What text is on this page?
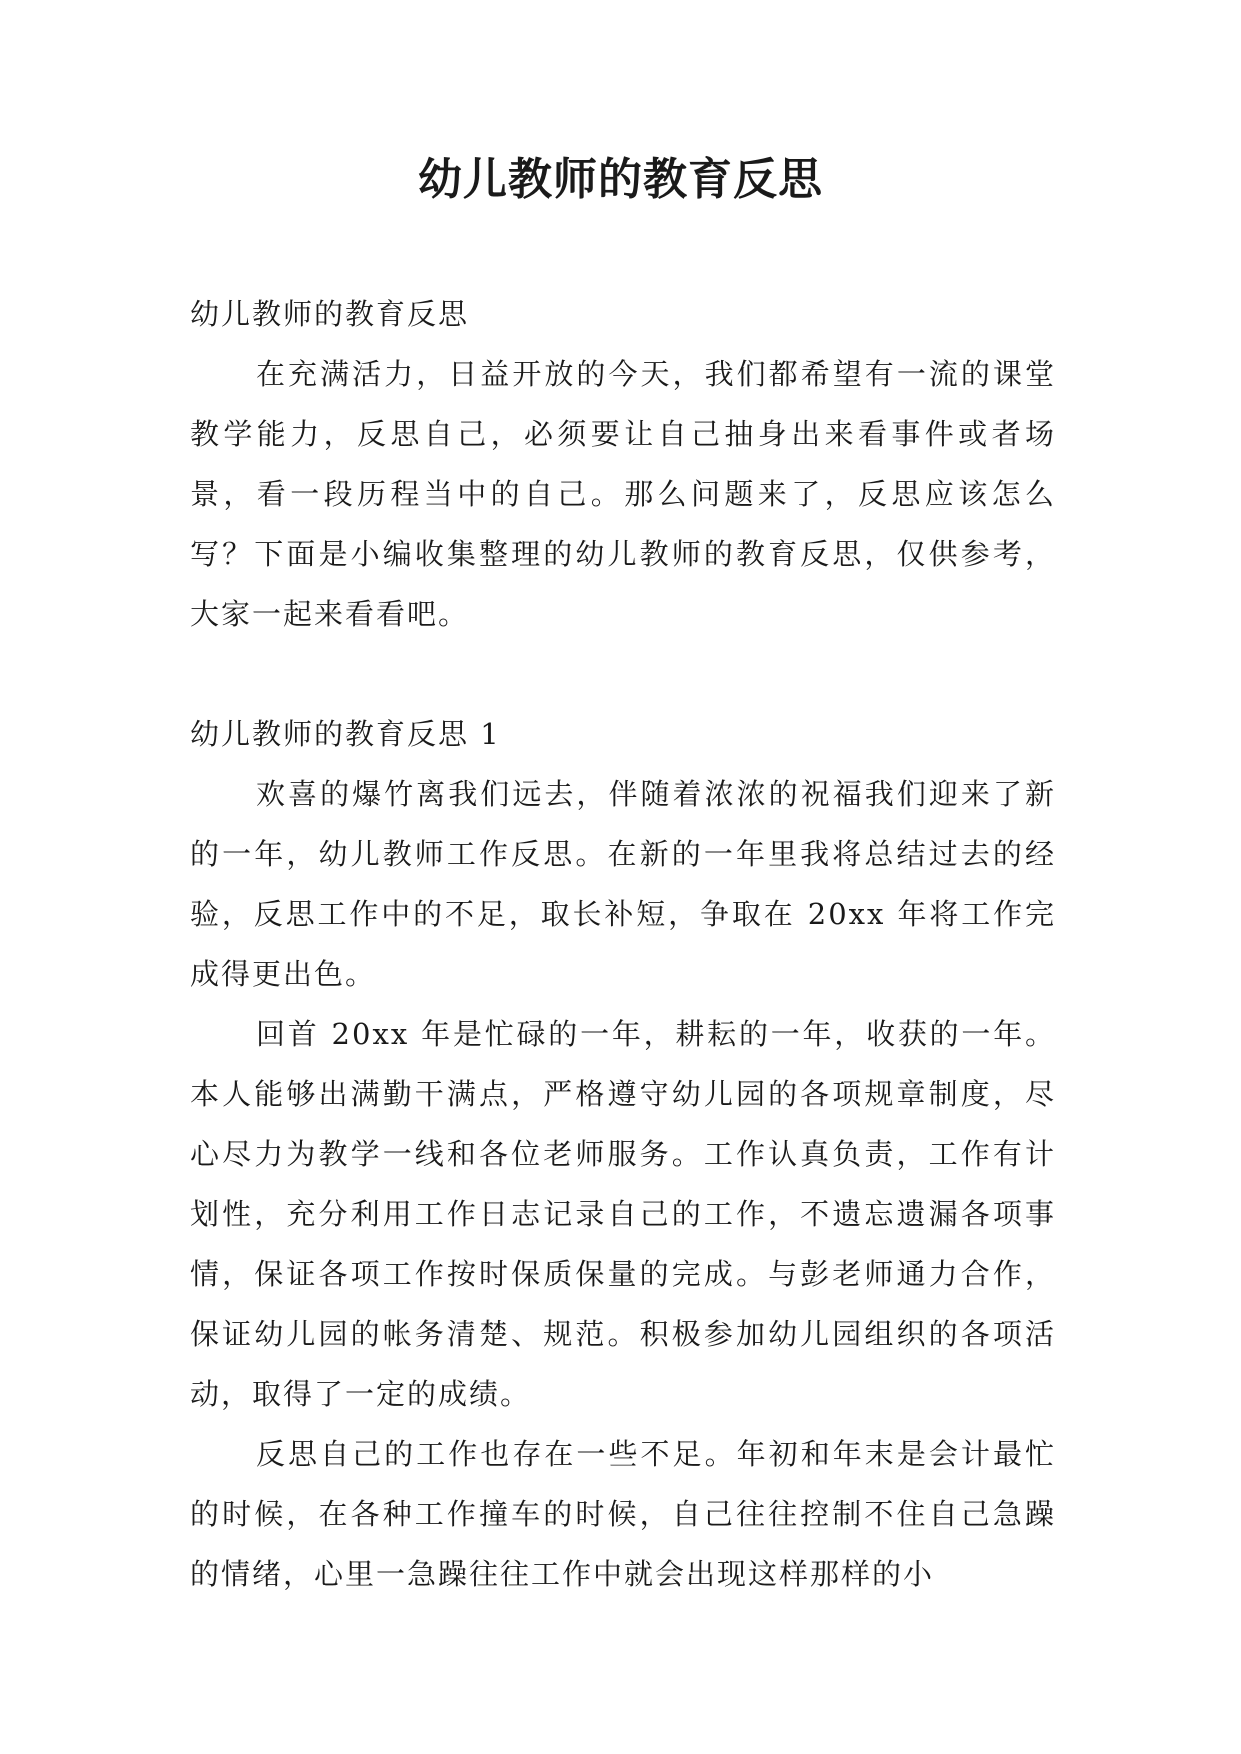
幼儿教师的教育反思

幼儿教师的教育反思

在充满活力，日益开放的今天，我们都希望有一流的课堂教学能力，反思自己，必须要让自己抽身出来看事件或者场景，看一段历程当中的自己。那么问题来了，反思应该怎么写？下面是小编收集整理的幼儿教师的教育反思，仅供参考，大家一起来看看吧。

幼儿教师的教育反思 1

欢喜的爆竹离我们远去，伴随着浓浓的祝福我们迎来了新的一年，幼儿教师工作反思。在新的一年里我将总结过去的经验，反思工作中的不足，取长补短，争取在 20xx 年将工作完成得更出色。

回首 20xx 年是忙碌的一年，耕耘的一年，收获的一年。本人能够出满勤干满点，严格遵守幼儿园的各项规章制度，尽心尽力为教学一线和各位老师服务。工作认真负责，工作有计划性，充分利用工作日志记录自己的工作，不遗忘遗漏各项事情，保证各项工作按时保质保量的完成。与彭老师通力合作，保证幼儿园的帐务清楚、规范。积极参加幼儿园组织的各项活动，取得了一定的成绩。

反思自己的工作也存在一些不足。年初和年末是会计最忙的时候，在各种工作撞车的时候，自己往往控制不住自己急躁的情绪，心里一急躁往往工作中就会出现这样那样的小
